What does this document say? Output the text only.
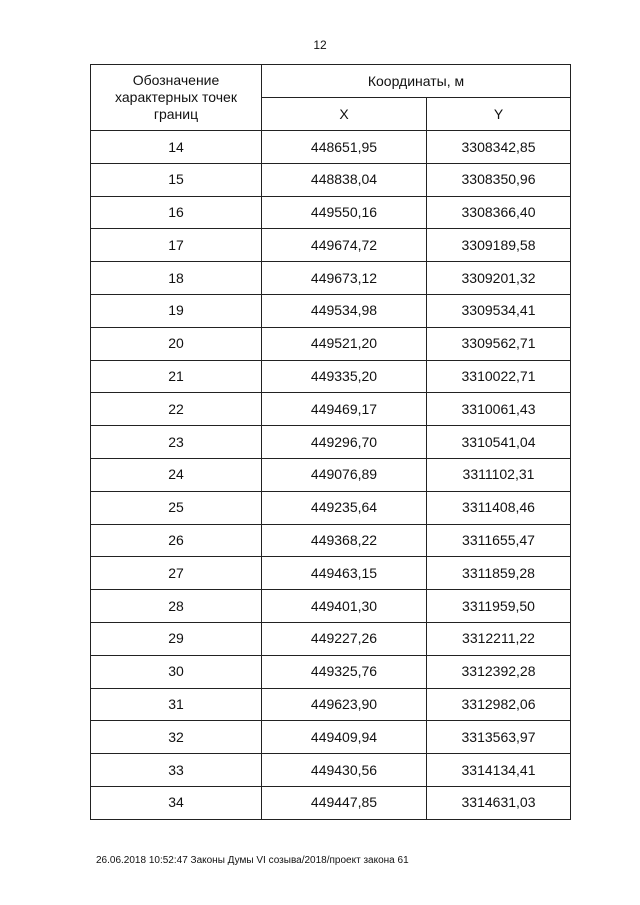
12
Обозначение характерных точек границ	Координаты, м	
	X	Y
14	448651,95	3308342,85
15	448838,04	3308350,96
16	449550,16	3308366,40
17	449674,72	3309189,58
18	449673,12	3309201,32
19	449534,98	3309534,41
20	449521,20	3309562,71
21	449335,20	3310022,71
22	449469,17	3310061,43
23	449296,70	3310541,04
24	449076,89	3311102,31
25	449235,64	3311408,46
26	449368,22	3311655,47
27	449463,15	3311859,28
28	449401,30	3311959,50
29	449227,26	3312211,22
30	449325,76	3312392,28
31	449623,90	3312982,06
32	449409,94	3313563,97
33	449430,56	3314134,41
34	449447,85	3314631,03
26.06.2018 10:52:47 Законы Думы VI созыва/2018/проект закона 61
